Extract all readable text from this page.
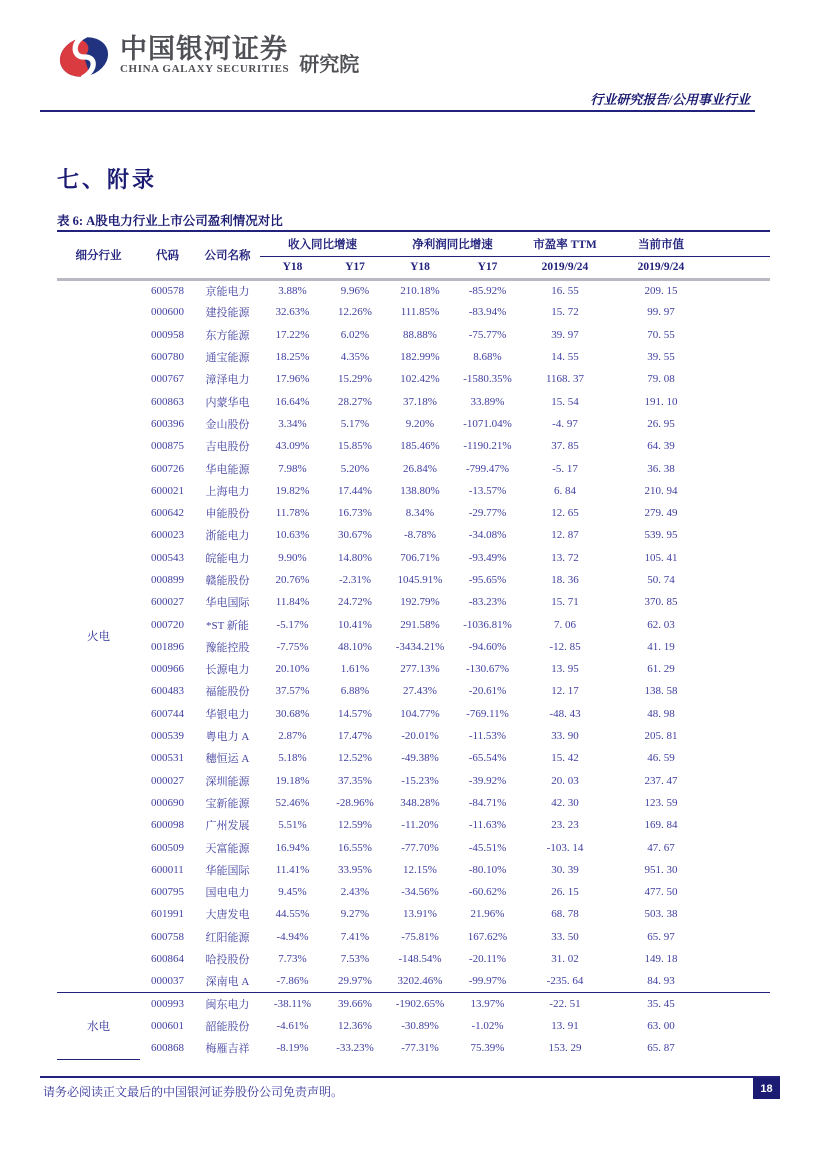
中国银河证券
CHINA GALAXY SECURITIES 研究院
行业研究报告/公用事业行业
七、附录
表 6: A股电力行业上市公司盈利情况对比
细分行业	代码	公司名称	收入同比增速		净利润同比增速		市盈率 TTM	当前市值
			Y18	Y17	Y18	Y17	2019/9/24	2019/9/24
火电	600578	京能电力	3.88%	9.96%	210.18%	-85.92%	16. 55	209. 15
	000600	建投能源	32.63%	12.26%	111.85%	-83.94%	15. 72	99. 97
	000958	东方能源	17.22%	6.02%	88.88%	-75.77%	39. 97	70. 55
	600780	通宝能源	18.25%	4.35%	182.99%	8.68%	14. 55	39. 55
	000767	漳泽电力	17.96%	15.29%	102.42%	-1580.35%	1168. 37	79. 08
	600863	内蒙华电	16.64%	28.27%	37.18%	33.89%	15. 54	191. 10
	600396	金山股份	3.34%	5.17%	9.20%	-1071.04%	-4. 97	26. 95
	000875	吉电股份	43.09%	15.85%	185.46%	-1190.21%	37. 85	64. 39
	600726	华电能源	7.98%	5.20%	26.84%	-799.47%	-5. 17	36. 38
	600021	上海电力	19.82%	17.44%	138.80%	-13.57%	6. 84	210. 94
	600642	申能股份	11.78%	16.73%	8.34%	-29.77%	12. 65	279. 49
	600023	浙能电力	10.63%	30.67%	-8.78%	-34.08%	12. 87	539. 95
	000543	皖能电力	9.90%	14.80%	706.71%	-93.49%	13. 72	105. 41
	000899	赣能股份	20.76%	-2.31%	1045.91%	-95.65%	18. 36	50. 74
	600027	华电国际	11.84%	24.72%	192.79%	-83.23%	15. 71	370. 85
	000720	*ST 新能	-5.17%	10.41%	291.58%	-1036.81%	7. 06	62. 03
	001896	豫能控股	-7.75%	48.10%	-3434.21%	-94.60%	-12. 85	41. 19
	000966	长源电力	20.10%	1.61%	277.13%	-130.67%	13. 95	61. 29
	600483	福能股份	37.57%	6.88%	27.43%	-20.61%	12. 17	138. 58
	600744	华银电力	30.68%	14.57%	104.77%	-769.11%	-48. 43	48. 98
	000539	粤电力 A	2.87%	17.47%	-20.01%	-11.53%	33. 90	205. 81
	000531	穗恒运 A	5.18%	12.52%	-49.38%	-65.54%	15. 42	46. 59
	000027	深圳能源	19.18%	37.35%	-15.23%	-39.92%	20. 03	237. 47
	000690	宝新能源	52.46%	-28.96%	348.28%	-84.71%	42. 30	123. 59
	600098	广州发展	5.51%	12.59%	-11.20%	-11.63%	23. 23	169. 84
	600509	天富能源	16.94%	16.55%	-77.70%	-45.51%	-103. 14	47. 67
	600011	华能国际	11.41%	33.95%	12.15%	-80.10%	30. 39	951. 30
	600795	国电电力	9.45%	2.43%	-34.56%	-60.62%	26. 15	477. 50
	601991	大唐发电	44.55%	9.27%	13.91%	21.96%	68. 78	503. 38
	600758	红阳能源	-4.94%	7.41%	-75.81%	167.62%	33. 50	65. 97
	600864	哈投股份	7.73%	7.53%	-148.54%	-20.11%	31. 02	149. 18
	000037	深南电 A	-7.86%	29.97%	3202.46%	-99.97%	-235. 64	84. 93
水电	000993	闽东电力	-38.11%	39.66%	-1902.65%	13.97%	-22. 51	35. 45
	000601	韶能股份	-4.61%	12.36%	-30.89%	-1.02%	13. 91	63. 00
	600868	梅雁吉祥	-8.19%	-33.23%	-77.31%	75.39%	153. 29	65. 87
请务必阅读正文最后的中国银河证券股份公司免责声明。	18
